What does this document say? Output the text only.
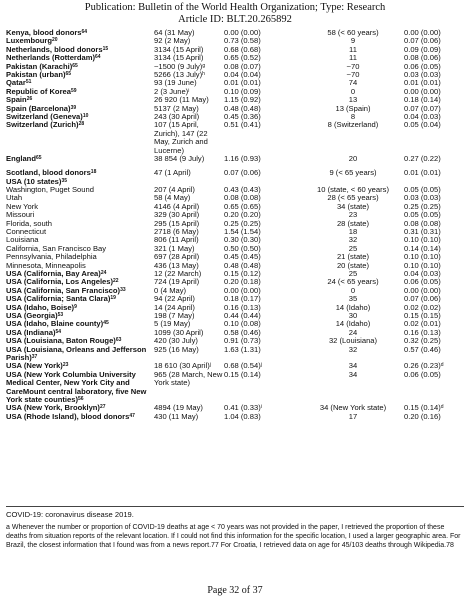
Publication: Bulletin of the World Health Organization; Type: Research
Article ID: BLT.20.265892
Kenya, blood donors$^{64}$	64 (31 May)	0.00 (0.00)	58 (< 60 years)	0.00 (0.00)
Luxembourg$^{20}$	92 (2 May)	0.73 (0.58)	9	0.07 (0.06)
Netherlands, blood donors$^{15}$	3134 (15 April)	0.68 (0.68)	11	0.09 (0.09)
Netherlands (Rotterdam)$^{64}$	3134 (15 April)	0.65 (0.52)	11	0.08 (0.06)
Pakistan (Karachi)$^{65}$	~1500 (9 July)$^g$	0.08 (0.07)	~70	0.06 (0.05)
Pakistan (urban)$^{65}$	5266 (13 July)$^h$	0.04 (0.04)	~70	0.03 (0.03)
Qatar$^{51}$	93 (19 June)	0.01 (0.01)	74	0.01 (0.01)
Republic of Korea$^{59}$	2 (3 June)$^i$	0.10 (0.09)	0	0.00 (0.00)
Spain$^{26}$	26 920 (11 May)	1.15 (0.92)	13	0.18 (0.14)
Spain (Barcelona)$^{39}$	5137 (2 May)	0.48 (0.48)	13 (Spain)	0.07 (0.07)
Switzerland (Geneva)$^{10}$	243 (30 April)	0.45 (0.36)	8	0.04 (0.03)
Switzerland (Zurich)$^{28}$	107 (15 April, Zurich), 147 (22 May, Zurich and Lucerne)	0.51 (0.41)	8 (Switzerland)	0.05 (0.04)
England$^{65}$	38 854 (9 July)	1.16 (0.93)	20	0.27 (0.22)
Scotland, blood donors$^{18}$	47 (1 April)	0.07 (0.06)	9 (< 65 years)	0.01 (0.01)
USA (10 states)$^{35}$				
Washington, Puget Sound	207 (4 April)	0.43 (0.43)	10 (state, < 60 years)	0.05 (0.05)
Utah	58 (4 May)	0.08 (0.08)	28 (< 65 years)	0.03 (0.03)
New York	4146 (4 April)	0.65 (0.65)	34 (state)	0.25 (0.25)
Missouri	329 (30 April)	0.20 (0.20)	23	0.05 (0.05)
Florida, south	295 (15 April)	0.25 (0.25)	28 (state)	0.08 (0.08)
Connecticut	2718 (6 May)	1.54 (1.54)	18	0.31 (0.31)
Louisiana	806 (11 April)	0.30 (0.30)	32	0.10 (0.10)
California, San Francisco Bay	321 (1 May)	0.50 (0.50)	25	0.14 (0.14)
Pennsylvania, Philadelphia	697 (28 April)	0.45 (0.45)	21 (state)	0.10 (0.10)
Minnesota, Minneapolis	436 (13 May)	0.48 (0.48)	20 (state)	0.10 (0.10)
USA (California, Bay Area)$^{24}$	12 (22 March)	0.15 (0.12)	25	0.04 (0.03)
USA (California, Los Angeles)$^{22}$	724 (19 April)	0.20 (0.18)	24 (< 65 years)	0.06 (0.05)
USA (California, San Francisco)$^{33}$	0 (4 May)	0.00 (0.00)	0	0.00 (0.00)
USA (California; Santa Clara)$^{19}$	94 (22 April)	0.18 (0.17)	35	0.07 (0.06)
USA (Idaho, Boise)$^9$	14 (24 April)	0.16 (0.13)	14 (Idaho)	0.02 (0.02)
USA (Georgia)$^{53}$	198 (7 May)	0.44 (0.44)	30	0.15 (0.15)
USA (Idaho, Blaine county)$^{45}$	5 (19 May)	0.10 (0.08)	14 (Idaho)	0.02 (0.01)
USA (Indiana)$^{54}$	1099 (30 April)	0.58 (0.46)	24	0.16 (0.13)
USA (Louisiana, Baton Rouge)$^{63}$	420 (30 July)	0.91 (0.73)	32 (Louisiana)	0.32 (0.25)
USA (Louisiana, Orleans and Jefferson Parish)$^{37}$	925 (16 May)	1.63 (1.31)	32	0.57 (0.46)
USA (New York)$^{23}$	18 610 (30 April)$^j$	0.68 $(0.54)^j$	34	0.26 $(0.23)^d$
USA (New York Columbia University Medical Center, New York City and CareMount central laboratory, five New York state counties)$^{56}$	965 (28 March, New York state)	0.15 (0.14)	34	0.06 (0.05)
USA (New York, Brooklyn)$^{27}$	4894 (19 May)	0.41 $(0.33)^i$	34 (New York state)	0.15 $(0.14)^d$
USA (Rhode Island), blood donors$^{47}$	430 (11 May)	1.04 (0.83)	17	0.20 (0.16)
COVID-19: coronavirus disease 2019.
a Whenever the number or proportion of COVID-19 deaths at age < 70 years was not provided in the paper, I retrieved the proportion of these deaths from situation reports of the relevant location. If I could not find this information for the specific location, I used a larger geographic area. For Brazil, the closest information that I found was from a news report.77 For Croatia, I retrieved data on age for 45/103 deaths through Wikipedia.78
Page 32 of 37
